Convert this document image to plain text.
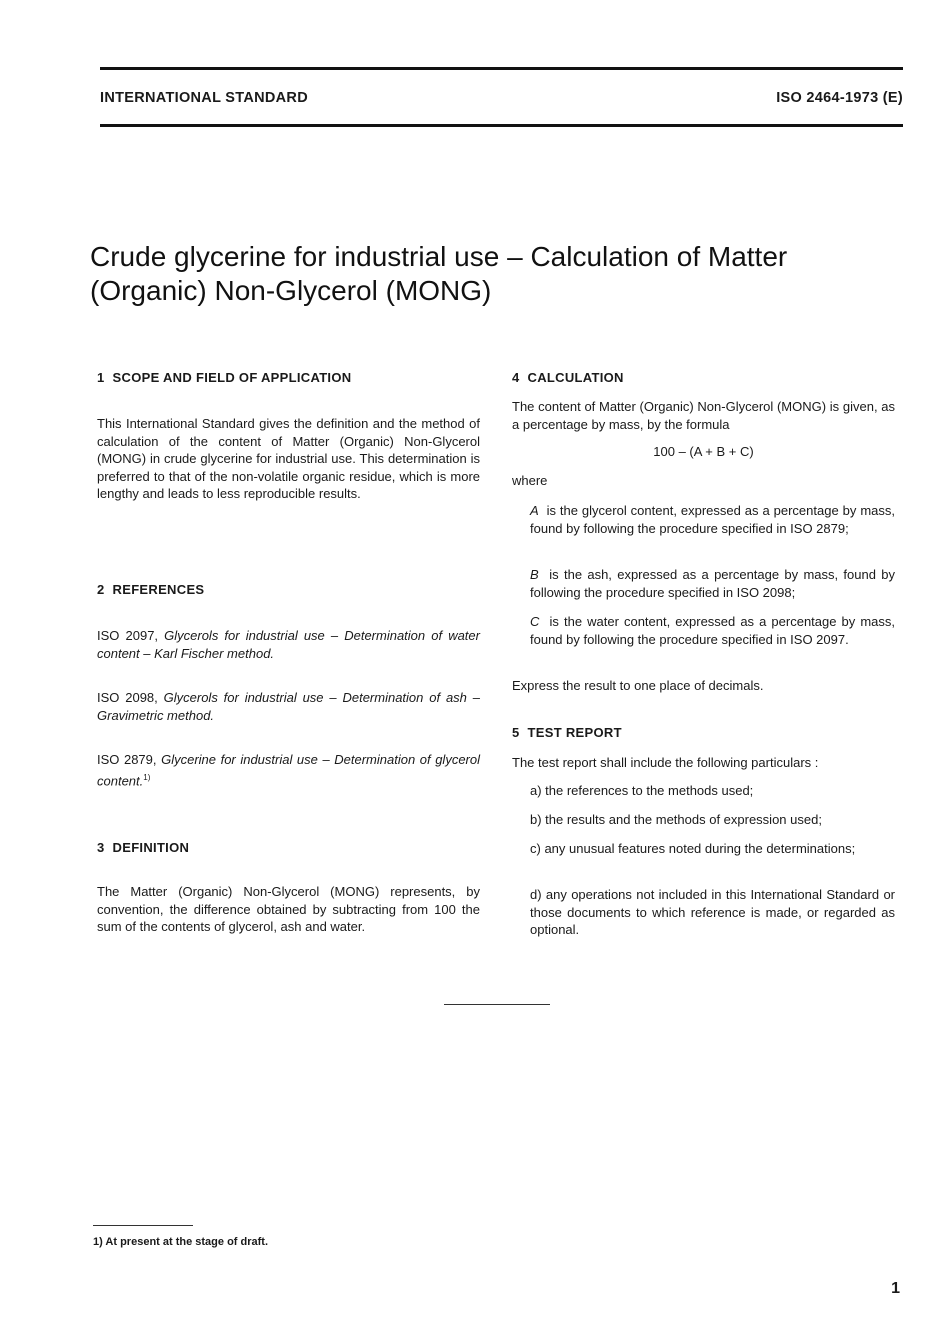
INTERNATIONAL STANDARD	ISO 2464-1973 (E)
Crude glycerine for industrial use – Calculation of Matter
(Organic) Non-Glycerol (MONG)
1 SCOPE AND FIELD OF APPLICATION

This International Standard gives the definition and the method of calculation of the content of Matter (Organic) Non-Glycerol (MONG) in crude glycerine for industrial use. This determination is preferred to that of the non-volatile organic residue, which is more lengthy and leads to less reproducible results.

2 REFERENCES

ISO 2097, Glycerols for industrial use – Determination of water content – Karl Fischer method.

ISO 2098, Glycerols for industrial use – Determination of ash – Gravimetric method.

ISO 2879, Glycerine for industrial use – Determination of glycerol content.$^{1)}$

3 DEFINITION

The Matter (Organic) Non-Glycerol (MONG) represents, by convention, the difference obtained by subtracting from 100 the sum of the contents of glycerol, ash and water.

4 CALCULATION

The content of Matter (Organic) Non-Glycerol (MONG) is given, as a percentage by mass, by the formula

100 – (A + B + C)

where

A is the glycerol content, expressed as a percentage by mass, found by following the procedure specified in ISO 2879;

B is the ash, expressed as a percentage by mass, found by following the procedure specified in ISO 2098;

C is the water content, expressed as a percentage by mass, found by following the procedure specified in ISO 2097.

Express the result to one place of decimals.

5 TEST REPORT

The test report shall include the following particulars :

a) the references to the methods used;

b) the results and the methods of expression used;

c) any unusual features noted during the determinations;

d) any operations not included in this International Standard or those documents to which reference is made, or regarded as optional.

1) At present at the stage of draft.
1
